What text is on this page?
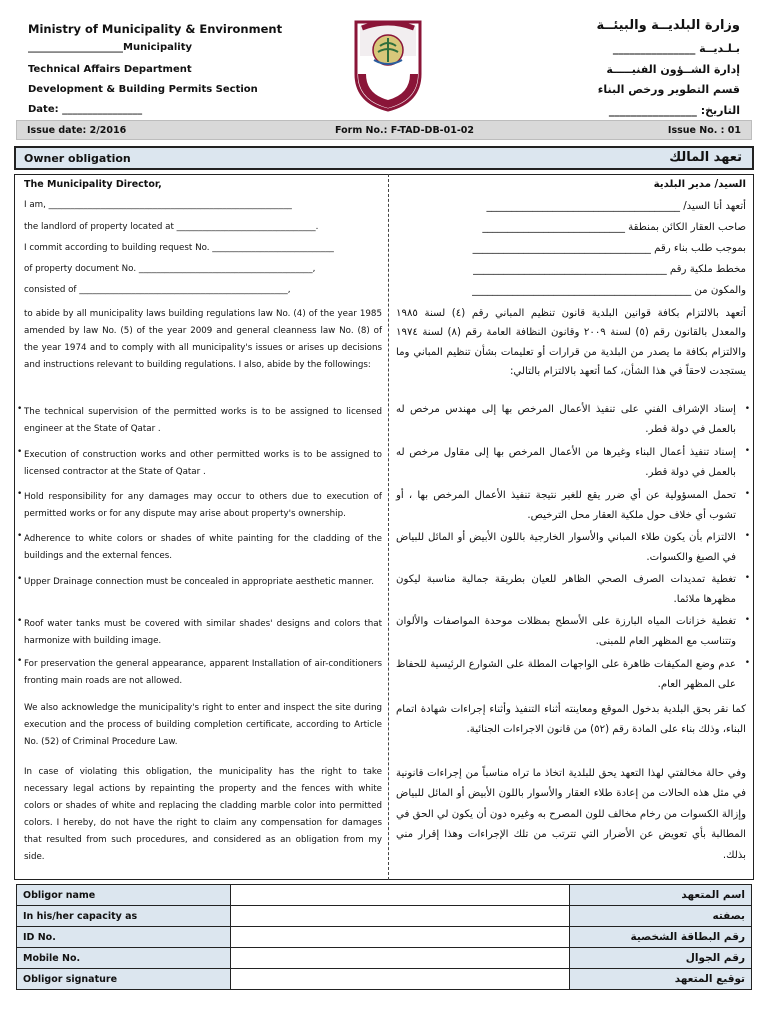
Ministry of Municipality & Environment
___________________Municipality
Technical Affairs Department
Development & Building Permits Section
Date: ________________
وزارة البلديــة والبيئــة
بـلـديــة _______________
إدارة الشــؤون الفنيـــــة
قسم التطوير ورخص البناء
التاريخ: ________________
Issue date: 2/2016	Form No.: F-TAD-DB-01-02	Issue No. : 01
Owner obligation	تعهد المالك
The Municipality Director,
I am, ________________________________________________________
the landlord of property located at ________________________________.
I commit according to building request No. ____________________________
of property document No. ________________________________________,
consisted of ________________________________________________,
to abide by all municipality laws building regulations law No. (4) of the year 1985 amended by law No. (5) of the year 2009 and general cleanness law No. (8) of the year 1974 and to comply with all municipality's issues or arises up decisions and instructions relevant to building regulations. I also, abide by the followings:
• The technical supervision of the permitted works is to be assigned to licensed engineer at the State of Qatar .
• Execution of construction works and other permitted works is to be assigned to licensed contractor at the State of Qatar .
• Hold responsibility for any damages may occur to others due to execution of permitted works or for any dispute may arise about property's ownership.
• Adherence to white colors or shades of white painting for the cladding of the buildings and the external fences.
• Upper Drainage connection must be concealed in appropriate aesthetic manner.
• Roof water tanks must be covered with similar shades' designs and colors that harmonize with building image.
• For preservation the general appearance, apparent Installation of air-conditioners fronting main roads are not allowed.
We also acknowledge the municipality's right to enter and inspect the site during execution and the process of building completion certificate, according to Article No. (52) of Criminal Procedure Law.
In case of violating this obligation, the municipality has the right to take necessary legal actions by repainting the property and the fences with white colors or shades of white and replacing the cladding marble color into permitted colors. I hereby, do not have the right to claim any compensation for damages that resulted from such procedures, and considered as an obligation from my side.
السيد/ مدير البلدية
أتعهد أنا السيد/ ______________________________________
صاحب العقار الكائن بمنطقة ____________________________
بموجب طلب بناء رقم ___________________________________
مخطط ملكية رقم ______________________________________
والمكون من ___________________________________________
أتعهد بالالتزام بكافة قوانين البلدية قانون تنظيم المباني رقم (٤) لسنة ١٩٨٥ والمعدل بالقانون رقم (٥) لسنة ٢٠٠٩ وقانون النظافة العامة رقم (٨) لسنة ١٩٧٤ والالتزام بكافة ما يصدر من البلدية من قرارات أو تعليمات بشأن تنظيم المباني وما يستجدت لاحقاً في هذا الشأن، كما أتعهد بالالتزام بالتالي:
•
إسناد الإشراف الفني على تنفيذ الأعمال المرخص بها إلى مهندس مرخص له بالعمل في دولة قطر.
•
إسناد تنفيذ أعمال البناء وغيرها من الأعمال المرخص بها إلى مقاول مرخص له بالعمل في دولة قطر.
•
تحمل المسؤولية عن أي ضرر يقع للغير نتيجة تنفيذ الأعمال المرخص بها ، أو تشوب أي خلاف حول ملكية العقار محل الترخيص.
•
الالتزام بأن يكون طلاء المباني والأسوار الخارجية باللون الأبيض أو المائل للبياض في الصبغ والكسوات.
•
تغطية تمديدات الصرف الصحي الظاهر للعيان بطريقة جمالية مناسبة ليكون مظهرها ملائما.
•
تغطية خزانات المياه البارزة على الأسطح بمظلات موحدة المواصفات والألوان وتتناسب مع المظهر العام للمبنى.
•
عدم وضع المكيفات ظاهرة على الواجهات المطلة على الشوارع الرئيسية للحفاظ على المظهر العام.
كما نقر بحق البلدية بدخول الموقع ومعاينته أثناء التنفيذ وأثناء إجراءات شهادة اتمام البناء، وذلك بناء على المادة رقم (٥٢) من قانون الاجراءات الجنائية.
وفي حالة مخالفتي لهذا التعهد يحق للبلدية اتخاذ ما تراه مناسباً من إجراءات قانونية في مثل هذه الحالات من إعادة طلاء العقار والأسوار باللون الأبيض أو المائل للبياض وإزالة الكسوات من رخام مخالف للون المصرح به وغيره دون أن يكون لي الحق في المطالبة بأي تعويض عن الأضرار التي تترتب من تلك الإجراءات وهذا إقرار مني بذلك.
Obligor name		اسم المتعهد
In his/her capacity as		بصفته
ID No.		رقم البطاقة الشخصية
Mobile No.		رقم الجوال
Obligor signature		توقيع المتعهد
